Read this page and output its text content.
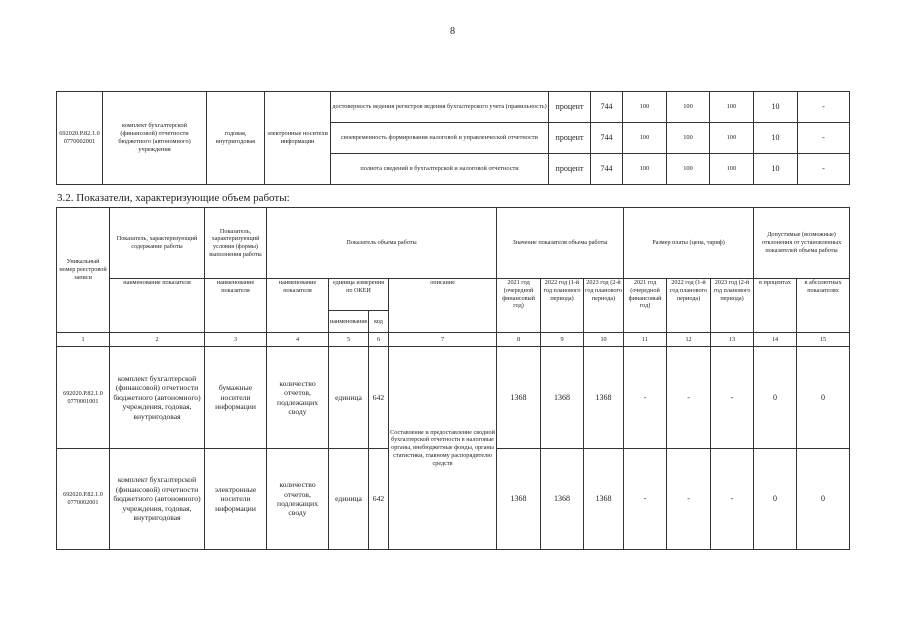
8
692020.Р.82.1.0 0770002001	комплект бухгалтерской (финансовой) отчетности бюджетного (автономного) учреждения	годовая, внутригодовая	электронные носители информации	достоверность ведения регистров ведения бухгалтерского учета (правильность)	процент	744	100	100	100	10	-
				своевременность формирования налоговой и управленческой отчетности	процент	744	100	100	100	10	-
				полнота сведений в бухгалтерской и налоговой отчетности	процент	744	100	100	100	10	-
3.2. Показатели, характеризующие объем работы:
Уникальный номер реестровой записи	Показатель, характеризующий содержание работы	Показатель, характеризующий условия (формы) выполнения работы	Показатель объема работы				Значение показателя объема работы			Размер платы (цена, тариф)			Допустимые (возможные) отклонения от установленных показателей объема работы	
	наименование показателя	наименование показателя	наименование показателя	единица измерения по ОКЕИ		описание	2021 год (очередной финансовый год)	2022 год (1-й год планового периода)	2023 год (2-й год планового периода)	2021 год (очередной финансовый год)	2022 год (1-й год планового периода)	2023 год (2-й год планового периода)	в процентах	в абсолютных показателях
				наименование	код									
1	2	3	4	5	6	7	8	9	10	11	12	13	14	15
692020.Р.82.1.0 0770001001	комплект бухгалтерской (финансовой) отчетности бюджетного (автономного) учреждения, годовая, внутригодовая	бумажные носители информации	количество отчетов, подлежащих своду	единица	642	Составление и предоставление сводной бухгалтерской отчетности в налоговые органы, внебюджетные фонды, органы статистики, главному распорядителю средств	1368	1368	1368	-	-	-	0	0
692020.Р.82.1.0 0770002001	комплект бухгалтерской (финансовой) отчетности бюджетного (автономного) учреждения, годовая, внутригодовая	электронные носители информации	количество отчетов, подлежащих своду	единица	642		1368	1368	1368	-	-	-	0	0
